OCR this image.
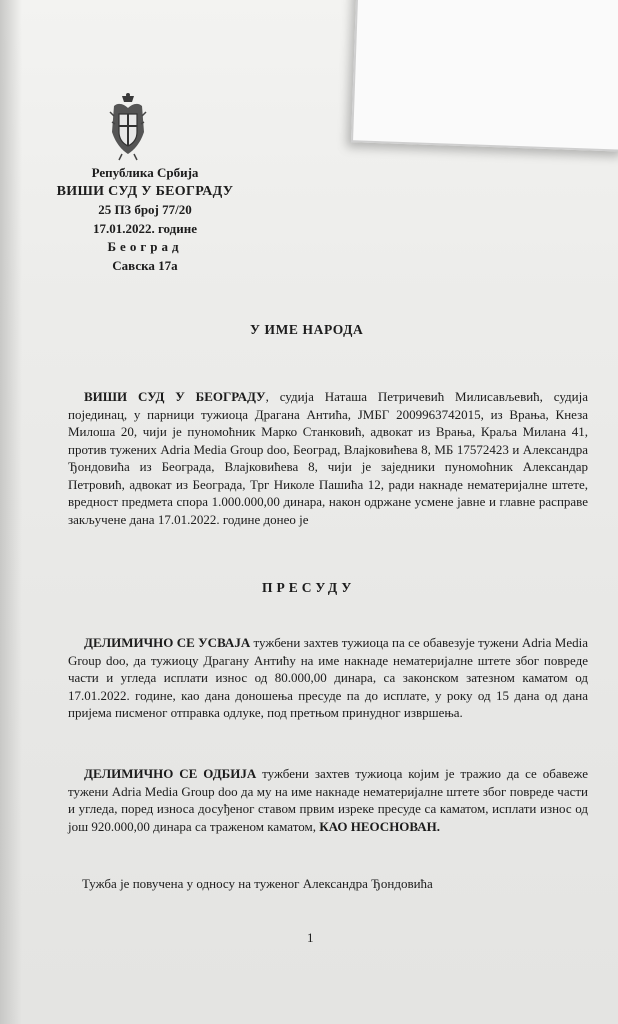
Република Србија
ВИШИ СУД У БЕОГРАДУ
25 П3 број 77/20
17.01.2022. године
Београд
Савска 17а
У ИМЕ НАРОДА
ВИШИ СУД У БЕОГРАДУ, судија Наташа Петричевић Милисављевић, судија појединац, у парници тужиоца Драгана Антића, ЈМБГ 2009963742015, из Врања, Кнеза Милоша 20, чији је пуномоћник Марко Станковић, адвокат из Врања, Краља Милана 41, против тужених Adria Media Group doo, Београд, Влајковићева 8, МБ 17572423 и Александра Ђондовића из Београда, Влајковићева 8, чији је заједники пуномоћник Александар Петровић, адвокат из Београда, Трг Николе Пашића 12, ради накнаде нематеријалне штете, вредност предмета спора 1.000.000,00 динара, након одржане усмене јавне и главне расправе закључене дана 17.01.2022. године донео је
ПРЕСУДУ
ДЕЛИМИЧНО СЕ УСВАЈА тужбени захтев тужиоца па се обавезује тужени Adria Media Group doo, да тужиоцу Драгану Антићу на име накнаде нематеријалне штете због повреде части и угледа исплати износ од 80.000,00 динара, са законском затезном каматом од 17.01.2022. године, као дана доношења пресуде па до исплате, у року од 15 дана од дана пријема писменог отправка одлуке, под претњом принудног извршења.
ДЕЛИМИЧНО СЕ ОДБИЈА тужбени захтев тужиоца којим је тражио да се обавеже тужени Adria Media Group doo да му на име накнаде нематеријалне штете због повреде части и угледа, поред износа досуђеног ставом првим изреке пресуде са каматом, исплати износ од још 920.000,00 динара са траженом каматом, КАО НЕОСНОВАН.
Тужба је повучена у односу на туженог Александра Ђондовића
1
